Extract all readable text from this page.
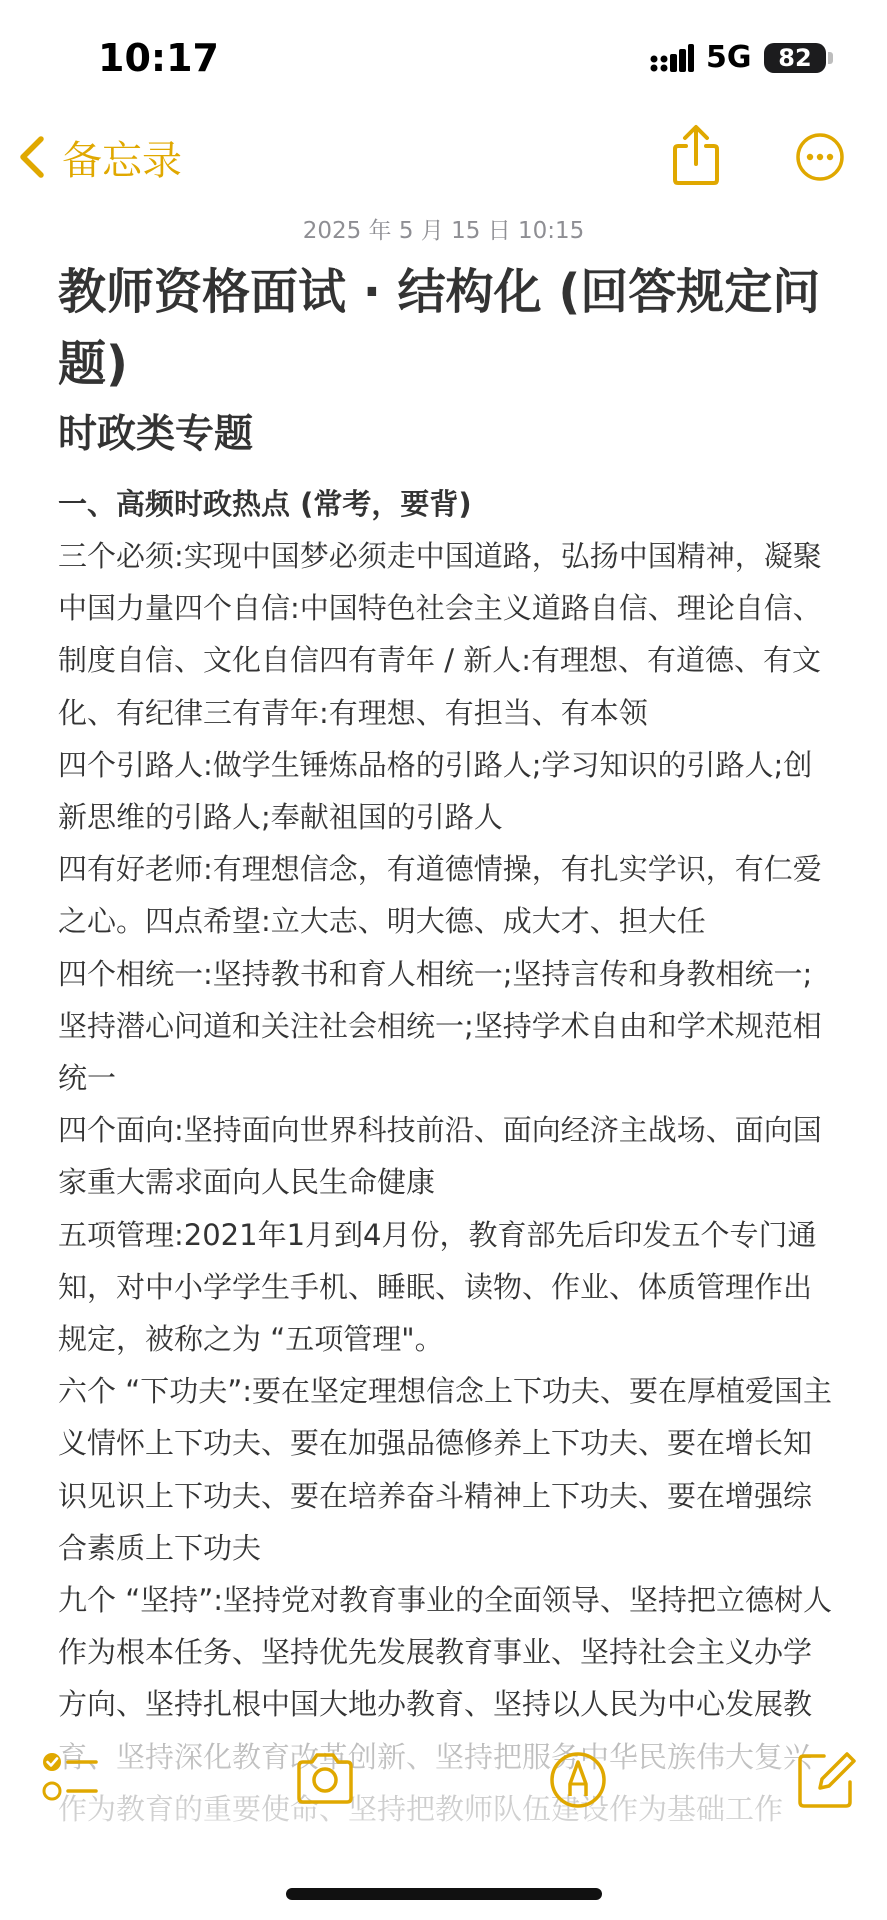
10:17	5G	82
备忘录
2025 年 5 月 15 日 10:15
教师资格面试 · 结构化 (回答规定问题)
时政类专题
一、高频时政热点 (常考，要背)

三个必须:实现中国梦必须走中国道路，弘扬中国精神，凝聚中国力量四个自信:中国特色社会主义道路自信、理论自信、制度自信、文化自信四有青年 / 新人:有理想、有道德、有文化、有纪律三有青年:有理想、有担当、有本领

四个引路人:做学生锤炼品格的引路人;学习知识的引路人;创新思维的引路人;奉献祖国的引路人

四有好老师:有理想信念，有道德情操，有扎实学识，有仁爱之心。四点希望:立大志、明大德、成大才、担大任

四个相统一:坚持教书和育人相统一;坚持言传和身教相统一;坚持潜心问道和关注社会相统一;坚持学术自由和学术规范相统一

四个面向:坚持面向世界科技前沿、面向经济主战场、面向国家重大需求面向人民生命健康

五项管理:2021年1月到4月份，教育部先后印发五个专门通知，对中小学学生手机、睡眠、读物、作业、体质管理作出规定，被称之为 “五项管理"。

六个 “下功夫”:要在坚定理想信念上下功夫、要在厚植爱国主义情怀上下功夫、要在加强品德修养上下功夫、要在增长知识见识上下功夫、要在培养奋斗精神上下功夫、要在增强综合素质上下功夫

九个 “坚持”:坚持党对教育事业的全面领导、坚持把立德树人作为根本任务、坚持优先发展教育事业、坚持社会主义办学方向、坚持扎根中国大地办教育、坚持以人民为中心发展教
